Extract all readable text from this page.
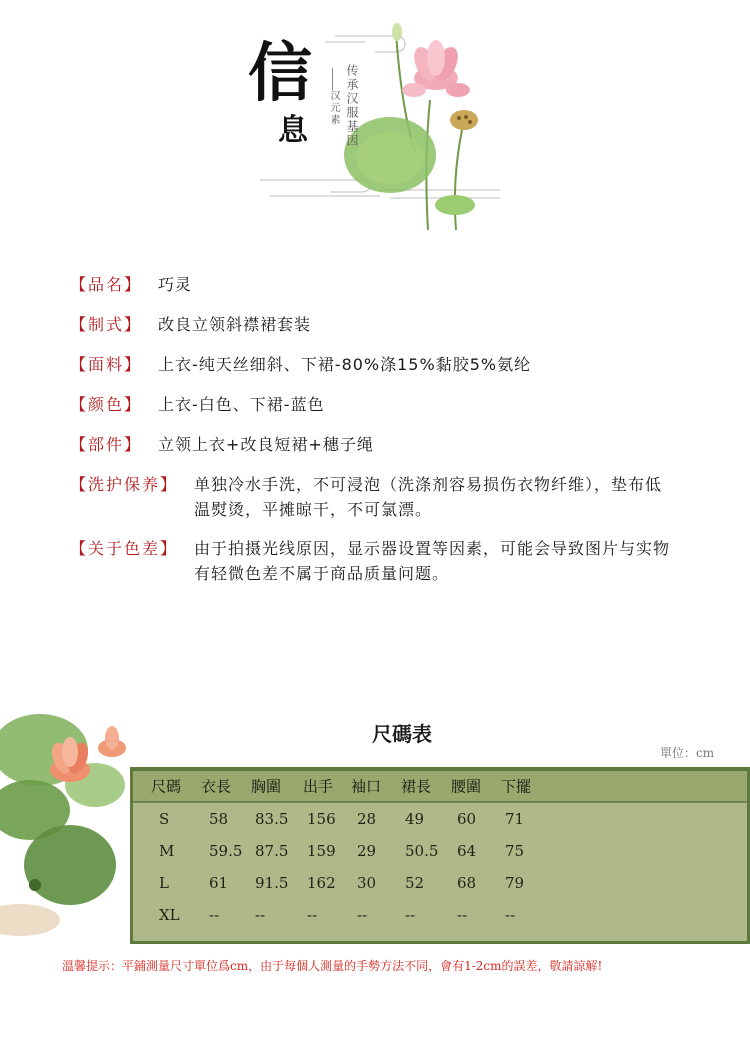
信
息	传承汉服基因
汉元素
【品名】 巧灵
【制式】 改良立领斜襟裙套装
【面料】 上衣-纯天丝细斜、下裙-80%涤15%黏胶5%氨纶
【颜色】 上衣-白色、下裙-蓝色
【部件】 立领上衣+改良短裙+穗子绳
【洗护保养】 单独冷水手洗，不可浸泡（洗涤剂容易损伤衣物纤维），垫布低温熨烫，平摊晾干，不可氯漂。
【关于色差】 由于拍摄光线原因，显示器设置等因素，可能会导致图片与实物有轻微色差不属于商品质量问题。
尺碼表
單位：cm
尺碼 衣長 胸圍 出手 袖口 裙長 腰圍 下擺
S	58 83.5 156 28 49 60 71
M 59.5 87.5 159 29 50.5 64 75
L	61 91.5 162 30 52 68 79
XL -- --	--	--	--	--	--
溫馨提示：平鋪測量尺寸單位爲cm，由于每個人測量的手勢方法不同，會有1-2cm的誤差，敬請諒解!
